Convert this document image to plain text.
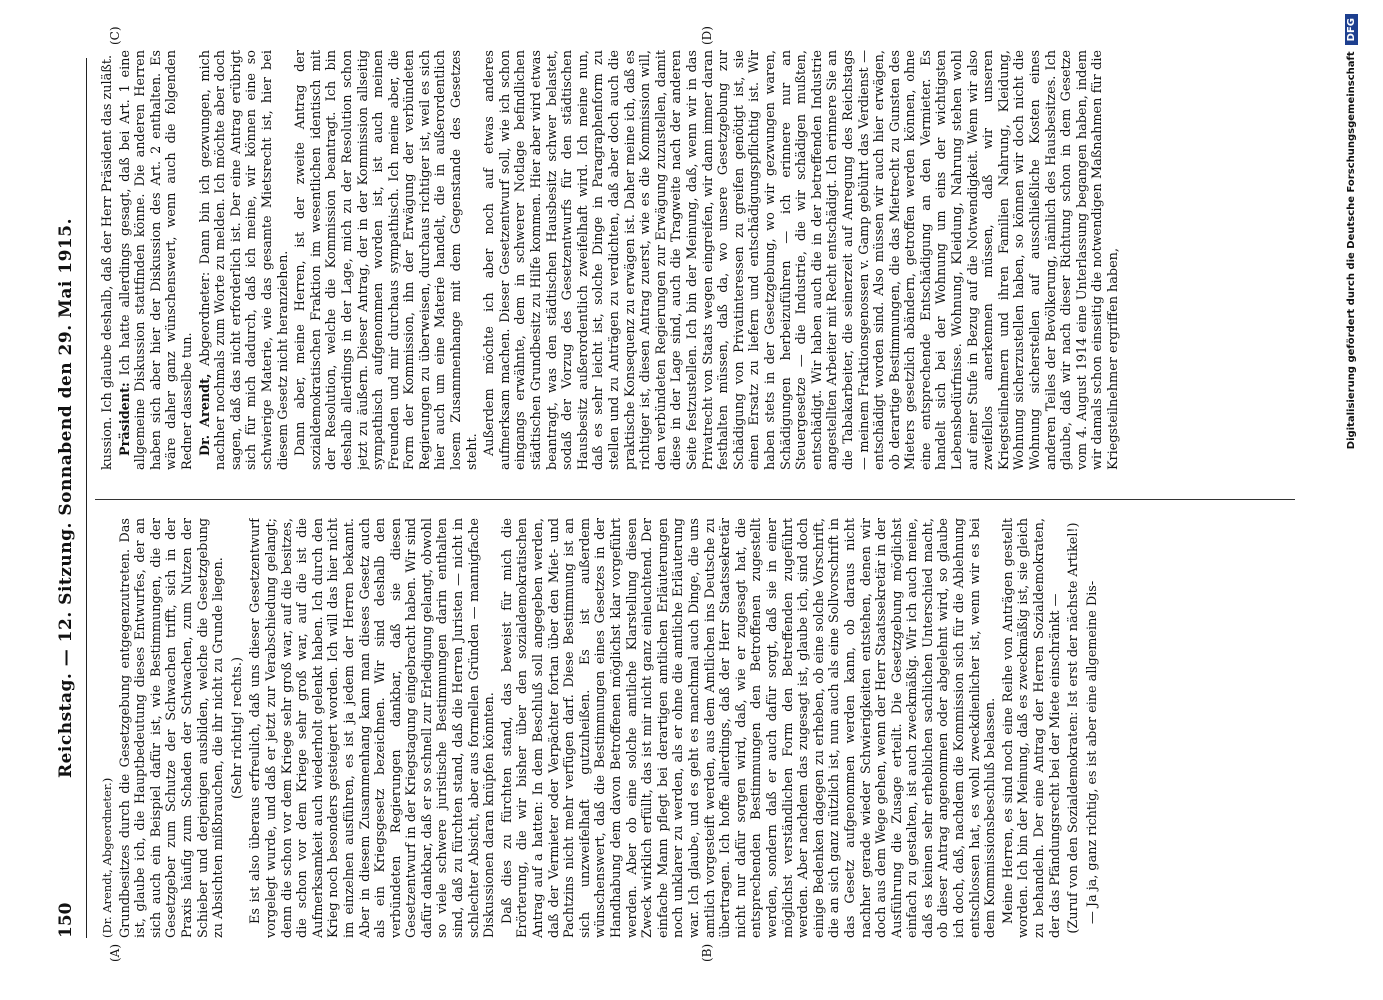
150
Reichstag. — 12. Sitzung. Sonnabend den 29. Mai 1915.
(A)	(B)
(C)	(D)

(Dr. Arendt, Abgeordneter.) Grundbesitzes durch die Gesetzgebung entgegenzutreten. Das ist, glaube ich, die Hauptbedeutung dieses Entwurfes, der an sich auch ein Beispiel dafür ist, wie Bestimmungen, die der Gesetzgeber zum Schutze der Schwachen trifft, sich in der Praxis häufig zum Schaden der Schwachen, zum Nutzen der Schieber und derjenigen ausbilden, welche die Gesetzgebung zu Absichten mißbrauchen, die ihr nicht zu Grunde liegen. (Sehr richtig! rechts.) Es ist also überaus erfreulich, daß uns dieser Gesetzentwurf vorgelegt wurde, und daß er jetzt zur Verabschiedung gelangt; denn die schon vor dem Kriege sehr groß war, auf die besitzes, die schon vor dem Kriege sehr groß war, auf die ist die Aufmerksamkeit auch wiederholt gelenkt haben. Ich durch den Krieg noch besonders gesteigert worden. Ich will das hier nicht im einzelnen ausführen, es ist ja jedem der Herren bekannt. Aber in diesem Zusammenhang kann man dieses Gesetz auch als ein Kriegsgesetz bezeichnen. Wir sind deshalb den verbündeten Regierungen dankbar, daß sie diesen Gesetzentwurf in der Kriegstagung eingebracht haben. Wir sind dafür dankbar, daß er so schnell zur Erledigung gelangt, obwohl so viele schwere juristische Bestimmungen darin enthalten sind, daß zu fürchten stand, daß die Herren Juristen — nicht in schlechter Absicht, aber aus formellen Gründen — mannigfache Diskussionen daran knüpfen könnten. Daß dies zu fürchten stand, das beweist für mich die Erörterung, die wir bisher über den sozialdemokratischen Antrag auf a hatten: In dem Beschluß soll angegeben werden, daß der Vermieter oder Verpächter fortan über den Miet- und Pachtzins nicht mehr verfügen darf. Diese Bestimmung ist an sich unzweifelhaft gutzuheißen. Es ist außerdem wünschenswert, daß die Bestimmungen eines Gesetzes in der Handhabung dem davon Betroffenen möglichst klar vorgeführt werden. Aber ob eine solche amtliche Klarstellung diesen Zweck wirklich erfüllt, das ist mir nicht ganz einleuchtend. Der einfache Mann pflegt bei derartigen amtlichen Erläuterungen noch unklarer zu werden, als er ohne die amtliche Erläuterung war. Ich glaube, und es geht es manchmal auch Dinge, die uns amtlich vorgesteift werden, aus dem Amtlichen ins Deutsche zu übertragen. Ich hoffe allerdings, daß der Herr Staatssekretär nicht nur dafür sorgen wird, daß, wie er zugesagt hat, die entsprechenden Bestimmungen den Betroffenen zugestellt werden, sondern daß er auch dafür sorgt, daß sie in einer möglichst verständlichen Form den Betreffenden zugeführt werden. Aber nachdem das zugesagt ist, glaube ich, sind doch einige Bedenken dagegen zu erheben, ob eine solche Vorschrift, die an sich ganz nützlich ist, nun auch als eine Sollvorschrift in das Gesetz aufgenommen werden kann, ob daraus nicht nachher gerade wieder Schwierigkeiten entstehen, denen wir doch aus dem Wege gehen, wenn der Herr Staatssekretär in der Ausführung die Zusage erteilt. Die Gesetzgebung möglichst einfach zu gestalten, ist auch zweckmäßig. Wir ich auch meine, daß es keinen sehr erheblichen sachlichen Unterschied macht, ob dieser Antrag angenommen oder abgelehnt wird, so glaube ich doch, daß, nachdem die Kommission sich für die Ablehnung entschlossen hat, es wohl zweckdienlicher ist, wenn wir es bei dem Kommissionsbeschluß belassen. Meine Herren, es sind noch eine Reihe von Anträgen gestellt worden. Ich bin der Meinung, daß es zweckmäßig ist, sie gleich zu behandeln. Der eine Antrag der Herren Sozialdemokraten, der das Pfändungsrecht bei der Miete einschränkt — (Zuruf von den Sozialdemokraten: Ist erst der nächste Artikel!) — Ja ja, ganz richtig, es ist aber eine allgemeine Dis-

kussion. Ich glaube deshalb, daß der Herr Präsident das zuläßt. Präsident: Ich hatte allerdings gesagt, daß bei Art. 1 eine allgemeine Diskussion stattfinden könne. Die anderen Herren haben sich aber hier der Diskussion des Art. 2 enthalten. Es wäre daher ganz wünschenswert, wenn auch die folgenden Redner dasselbe tun. Dr. Arendt, Abgeordneter: Dann bin ich gezwungen, mich nachher nochmals zum Worte zu melden. Ich möchte aber doch sagen, daß das nicht erforderlich ist. Der eine Antrag erübrigt sich für mich dadurch, daß ich meine, wir können eine so schwierige Materie, wie das gesamte Mietsrecht ist, hier bei diesem Gesetz nicht heranziehen. Dann aber, meine Herren, ist der zweite Antrag der sozialdemokratischen Fraktion im wesentlichen identisch mit der Resolution, welche die Kommission beantragt. Ich bin deshalb allerdings in der Lage, mich zu der Resolution schon jetzt zu äußern. Dieser Antrag, der in der Kommission allseitig sympathisch aufgenommen worden ist, ist auch meinen Freunden und mir durchaus sympathisch. Ich meine aber, die Form der Kommission, ihn der Erwägung der verbündeten Regierungen zu überweisen, durchaus richtiger ist, weil es sich hier auch um eine Materie handelt, die in außerordentlich losem Zusammenhange mit dem Gegenstande des Gesetzes steht. Außerdem möchte ich aber noch auf etwas anderes aufmerksam machen. Dieser Gesetzentwurf soll, wie ich schon eingangs erwähnte, dem in schwerer Notlage befindlichen städtischen Grundbesitz zu Hilfe kommen. Hier aber wird etwas beantragt, was den städtischen Hausbesitz schwer belastet, sodaß der Vorzug des Gesetzentwurfs für den städtischen Hausbesitz außerordentlich zweifelhaft wird. Ich meine nun, daß es sehr leicht ist, solche Dinge in Paragraphenform zu stellen und zu Anträgen zu verdichten, daß aber doch auch die praktische Konsequenz zu erwägen ist. Daher meine ich, daß es richtiger ist, diesen Antrag zuerst, wie es die Kommission will, den verbündeten Regierungen zur Erwägung zuzustellen, damit diese in der Lage sind, auch die Tragweite nach der anderen Seite festzustellen. Ich bin der Meinung, daß, wenn wir in das Privatrecht von Staats wegen eingreifen, wir dann immer daran festhalten müssen, daß da, wo unsere Gesetzgebung zur Schädigung von Privatinteressen zu greifen genötigt ist, sie einen Ersatz zu liefern und entschädigungspflichtig ist. Wir haben stets in der Gesetzgebung, wo wir gezwungen waren, Schädigungen herbeizuführen — ich erinnere nur an Steuergesetze — die Industrie, die wir schädigen mußten, entschädigt. Wir haben auch die in der betreffenden Industrie angestellten Arbeiter mit Recht entschädigt. Ich erinnere Sie an die Tabakarbeiter, die seinerzeit auf Anregung des Reichstags — meinem Fraktionsgenossen v. Gamp gebührt das Verdienst — entschädigt worden sind. Also müssen wir auch hier erwägen, ob derartige Bestimmungen, die das Mietrecht zu Gunsten des Mieters gesetzlich abändern, getroffen werden können, ohne eine entsprechende Entschädigung an den Vermieter. Es handelt sich bei der Wohnung um eins der wichtigsten Lebensbedürfnisse. Wohnung, Kleidung, Nahrung stehen wohl auf einer Stufe in Bezug auf die Notwendigkeit. Wenn wir also zweifellos anerkennen müssen, daß wir unseren Kriegsteilnehmern und ihren Familien Nahrung, Kleidung, Wohnung sicherzustellen haben, so können wir doch nicht die Wohnung sicherstellen auf ausschließliche Kosten eines anderen Teiles der Bevölkerung, nämlich des Hausbesitzes. Ich glaube, daß wir nach dieser Richtung schon in dem Gesetze vom 4. August 1914 eine Unterlassung begangen haben, indem wir damals schon einseitig die notwendigen Maßnahmen für die Kriegsteilnehmer ergriffen haben,	Digitalisierung gefördert durch die Deutsche ForschungsgemeinschaftDFG
